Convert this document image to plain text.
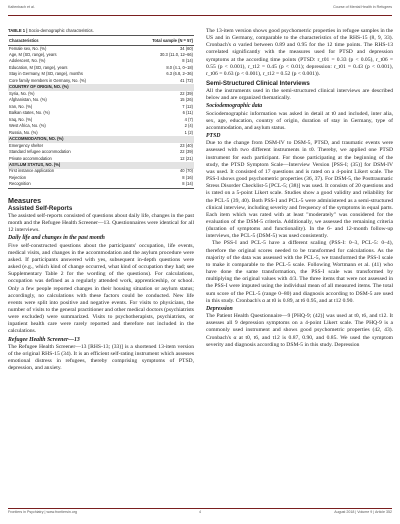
Kaltenbach et al.	Course of Mental Health in Refugees
TABLE 1 | Socio-demographic characteristics.
Characteristics	Total sample (N = 57)
Female sex, No. (%)	34 (60)
Age, M (SD, range), years	30.3 (11.0, 12–66)
Adolescent, No. (%)	8 (14)
Education, M (SD, range), years	8.0 (4.1, 0–18)
Stay in Germany, M (SD, range), months	6.3 (6.8, 2–36)
Core family members in Germany, No. (%)	41 (72)
COUNTRY OF ORIGIN, NO. (%)	
Syria, No. (%)	22 (39)
Afghanistan, No. (%)	15 (26)
Iran, No. (%)	7 (12)
Balkan states, No. (%)	6 (11)
Iraq, No. (%)	4 (7)
West Africa, No. (%)	2 (4)
Russia, No. (%)	1 (2)
ACCOMMODATION, NO. (%)	
Emergency shelter	23 (40)
Standard refugee accommodation	22 (39)
Private accommodation	12 (21)
ASYLUM STATUS, NO. (%)	
First instance application	40 (70)
Rejection	8 (16)
Recognition	8 (14)
Measures
Assisted Self-Reports

The assisted self-reports consisted of questions about daily life, changes in the past month and the Refugee Health Screener—13. Questionnaires were identical for all 12 interviews.

Daily life and changes in the past month

Five self-constructed questions about the participants' occupation, life events, medical visits, and changes in the accommodation and the asylum procedure were asked. If participants answered with yes, subsequent in-depth questions were asked (e.g., which kind of change occurred, what kind of occupation they had; see Supplementary Table 2 for the wording of the questions). For calculations, occupation was defined as a regularly attended work, apprenticeship, or school. Only a few people reported changes in their housing situation or asylum status; accordingly, no calculations with these factors could be conducted. New life events were split into positive and negative events. For visits to physicians, the number of visits to the general practitioner and other medical doctors (psychiatrists were excluded) were summarized. Visits to psychotherapists, psychiatrists, or inpatient health care were rarely reported and therefore not included in the calculations.

Refugee Health Screener—13

The Refugee Health Screener—13 [RHS-13; (33)] is a shortened 13-item version of the original RHS-15 (34). It is an efficient self-rating instrument which assesses emotional distress in refugees, thereby comprising symptoms of PTSD, depression, and anxiety.

The 13-item version shows good psychometric properties in refugee samples in the US and in Germany, comparable to the characteristics of the RHS-15 (8, 9, 33). Cronbach's α varied between 0.89 and 0.95 for the 12 time points. The RHS-13 correlated significantly with the measures used for PTSD and depression symptoms at the according time points (PTSD: r_t01 = 0.33 (p < 0.05), r_t06 = 0.55 (p < 0.001), r_t12 = 0.45 (p < 0.01); depression: r_t01 = 0.43 (p < 0.001), r_t06 = 0.63 (p < 0.001), r_t12 = 0.52 (p < 0.001)).

Semi-Structured Clinical Interviews

All the instruments used in the semi-structured clinical interviews are described below and are organized thematically.

Sociodemographic data

Sociodemographic information was asked in detail at t0 and included, inter alia, sex, age, education, country of origin, duration of stay in Germany, type of accommodation, and asylum status.

PTSD

Due to the change from DSM-IV to DSM-5, PTSD, and traumatic events were assessed with two different instruments in t0. Thereby, we applied one PTSD instrument for each participant. For those participating at the beginning of the study, the PTSD Symptom Scale—Interview Version [PSS-I; (35)] for DSM-IV was used. It consisted of 17 questions and is rated on a 4-point Likert scale. The PSS-I shows good psychometric properties (36, 37). For DSM-5, the Posttraumatic Stress Disorder Checklist-5 [PCL-5; (38)] was used. It consists of 20 questions and is rated on a 5-point Likert scale. Studies show a good validity and reliability for the PCL-5 (39, 40). Both PSS-I and PCL-5 were administered as a semi-structured clinical interview, including severity and frequency of the symptoms in equal parts. Each item which was rated with at least "moderately" was considered for the evaluation of the DSM-5 criteria. Additionally, we assessed the remaining criteria (duration of symptoms and functionality). In the 6- and 12-month follow-up interviews, the PCL-5 (DSM-5) was used consistently.

The PSS-I and PCL-5 have a different scaling (PSS-I: 0–3, PCL-5: 0–4), therefore the original scores needed to be transformed for calculations. As the majority of the data was assessed with the PCL-5, we transformed the PSS-I scale to make it comparable to the PCL-5 scale. Following Wortmann et al. (41) who have done the same transformation, the PSS-I scale was transformed by multiplying the original values with 4/3. The three items that were not assessed in the PSS-I were imputed using the individual mean of all measured items. The total sum score of the PCL-5 (range 0–80) and diagnosis according to DSM-5 are used in this study. Cronbach's α at t0 is 0.89, at t6 0.95, and at t12 0.90.

Depression

The Patient Health Questionnaire—9 [PHQ-9; (42)] was used at t0, t6, and t12. It assesses all 9 depression symptoms on a 4-point Likert scale. The PHQ-9 is a commonly used instrument and shows good psychometric properties (42, 43). Cronbach's α at t0, t6, and t12 is 0.87, 0.90, and 0.85. We used the symptom severity and diagnosis according to DSM-5 in this study. Depression

Frontiers in Psychiatry | www.frontiersin.org	4	August 2018 | Volume 9 | Article 352
